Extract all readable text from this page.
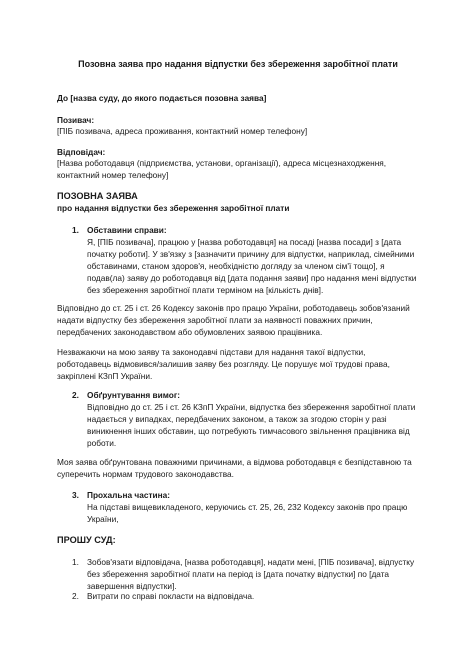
Позовна заява про надання відпустки без збереження заробітної плати
До [назва суду, до якого подається позовна заява]
Позивач:
[ПІБ позивача, адреса проживання, контактний номер телефону]
Відповідач:
[Назва роботодавця (підприємства, установи, організації), адреса місцезнаходження, контактний номер телефону]
ПОЗОВНА ЗАЯВА
про надання відпустки без збереження заробітної плати
1. Обставини справи:
Я, [ПІБ позивача], працюю у [назва роботодавця] на посаді [назва посади] з [дата початку роботи]. У зв'язку з [зазначити причину для відпустки, наприклад, сімейними обставинами, станом здоров'я, необхідністю догляду за членом сім'ї тощо], я подав(ла) заяву до роботодавця від [дата подання заяви] про надання мені відпустки без збереження заробітної плати терміном на [кількість днів].
Відповідно до ст. 25 і ст. 26 Кодексу законів про працю України, роботодавець зобов'язаний надати відпустку без збереження заробітної плати за наявності поважних причин, передбачених законодавством або обумовлених заявою працівника.
Незважаючи на мою заяву та законодавчі підстави для надання такої відпустки, роботодавець відмовився/залишив заяву без розгляду. Це порушує мої трудові права, закріплені КЗпП України.
2. Обґрунтування вимог:
Відповідно до ст. 25 і ст. 26 КЗпП України, відпустка без збереження заробітної плати надається у випадках, передбачених законом, а також за згодою сторін у разі виникнення інших обставин, що потребують тимчасового звільнення працівника від роботи.
Моя заява обґрунтована поважними причинами, а відмова роботодавця є безпідставною та суперечить нормам трудового законодавства.
3. Прохальна частина:
На підставі вищевикладеного, керуючись ст. 25, 26, 232 Кодексу законів про працю України,
ПРОШУ СУД:
1. Зобов'язати відповідача, [назва роботодавця], надати мені, [ПІБ позивача], відпустку без збереження заробітної плати на період із [дата початку відпустки] по [дата завершення відпустки].
2. Витрати по справі покласти на відповідача.
